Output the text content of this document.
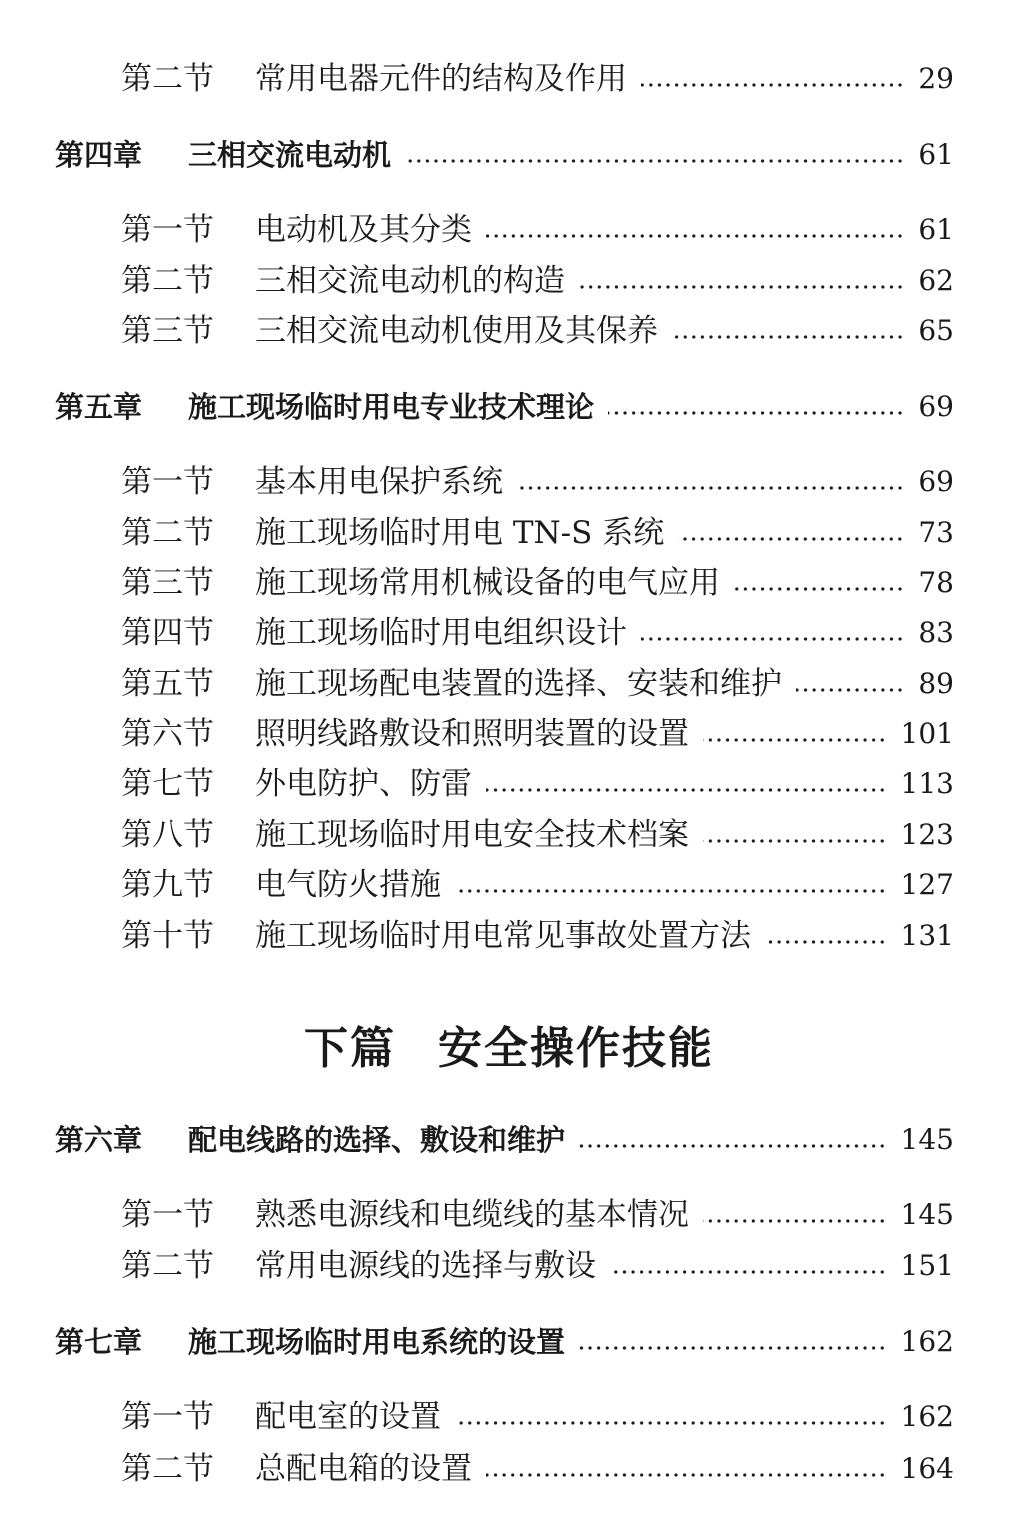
第二节	常用电器元件的结构及作用	29
第四章	三相交流电动机	61
第一节	电动机及其分类	61
第二节	三相交流电动机的构造	62
第三节	三相交流电动机使用及其保养	65
第五章	施工现场临时用电专业技术理论	69
第一节	基本用电保护系统	69
第二节	施工现场临时用电 TN-S 系统	73
第三节	施工现场常用机械设备的电气应用	78
第四节	施工现场临时用电组织设计	83
第五节	施工现场配电装置的选择、安装和维护	89
第六节	照明线路敷设和照明装置的设置	101
第七节	外电防护、防雷	113
第八节	施工现场临时用电安全技术档案	123
第九节	电气防火措施	127
第十节	施工现场临时用电常见事故处置方法	131
下篇 安全操作技能
第六章	配电线路的选择、敷设和维护	145
第一节	熟悉电源线和电缆线的基本情况	145
第二节	常用电源线的选择与敷设	151
第七章	施工现场临时用电系统的设置	162
第一节	配电室的设置	162
第二节	总配电箱的设置	164
